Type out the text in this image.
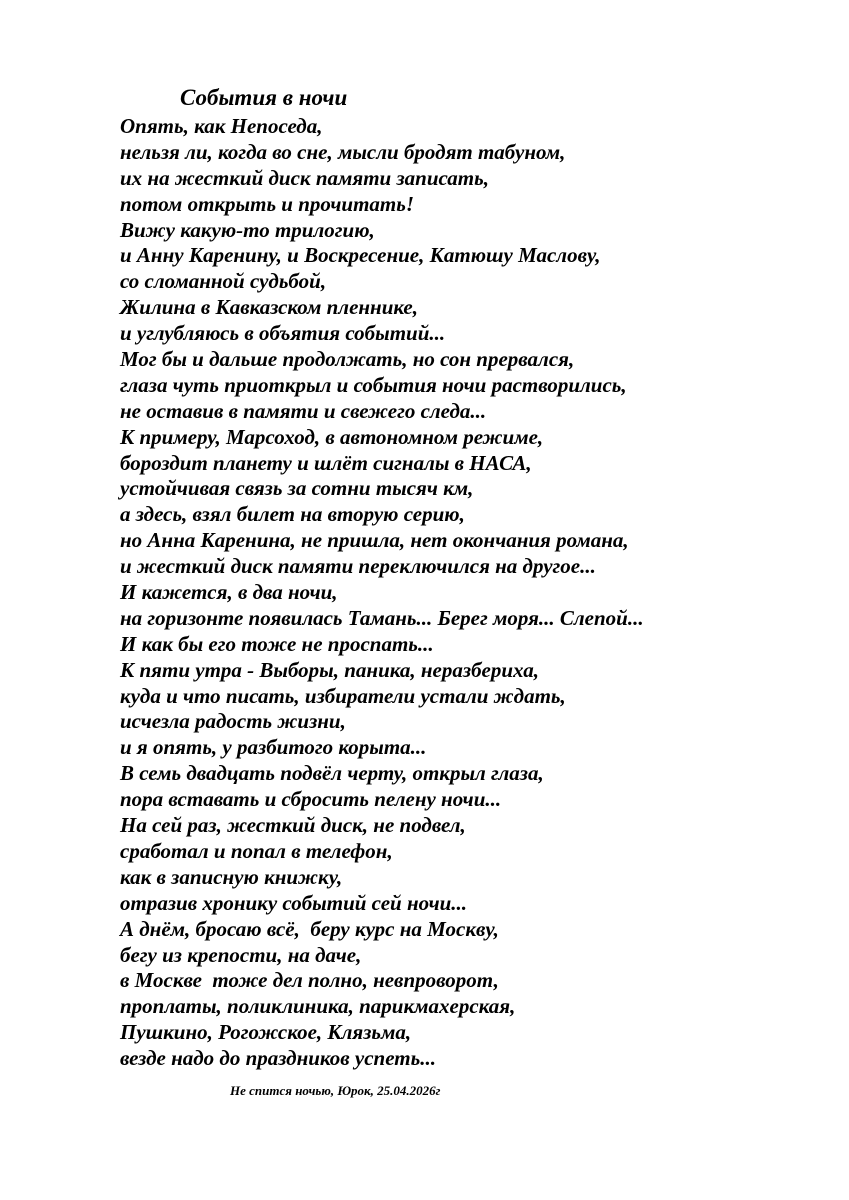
События в ночи
Опять, как Непоседа,
нельзя ли, когда во сне, мысли бродят табуном,
их на жесткий диск памяти записать,
потом открыть и прочитать!
Вижу какую-то трилогию,
и Анну Каренину, и Воскресение, Катюшу Маслову,
со сломанной судьбой,
Жилина в Кавказском пленнике,
и углубляюсь в объятия событий...
Мог бы и дальше продолжать, но сон прервался,
глаза чуть приоткрыл и события ночи растворились,
не оставив в памяти и свежего следа...
К примеру, Марсоход, в автономном режиме,
бороздит планету и шлёт сигналы в НАСА,
устойчивая связь за сотни тысяч км,
а здесь, взял билет на вторую серию,
но Анна Каренина, не пришла, нет окончания романа,
и жесткий диск памяти переключился на другое...
И кажется, в два ночи,
на горизонте появилась Тамань... Берег моря... Слепой...
И как бы его тоже не проспать...
К пяти утра - Выборы, паника, неразбериха,
куда и что писать, избиратели устали ждать,
исчезла радость жизни,
и я опять, у разбитого корыта...
В семь двадцать подвёл черту, открыл глаза,
пора вставать и сбросить пелену ночи...
На сей раз, жесткий диск, не подвел,
сработал и попал в телефон,
как в записную книжку,
отразив хронику событий сей ночи...
А днём, бросаю всё,  беру курс на Москву,
бегу из крепости, на даче,
в Москве  тоже дел полно, невпроворот,
проплаты, поликлиника, парикмахерская,
Пушкино, Рогожское, Клязьма,
везде надо до праздников успеть...

Не спится ночью, Юрок, 25.04.2026г
